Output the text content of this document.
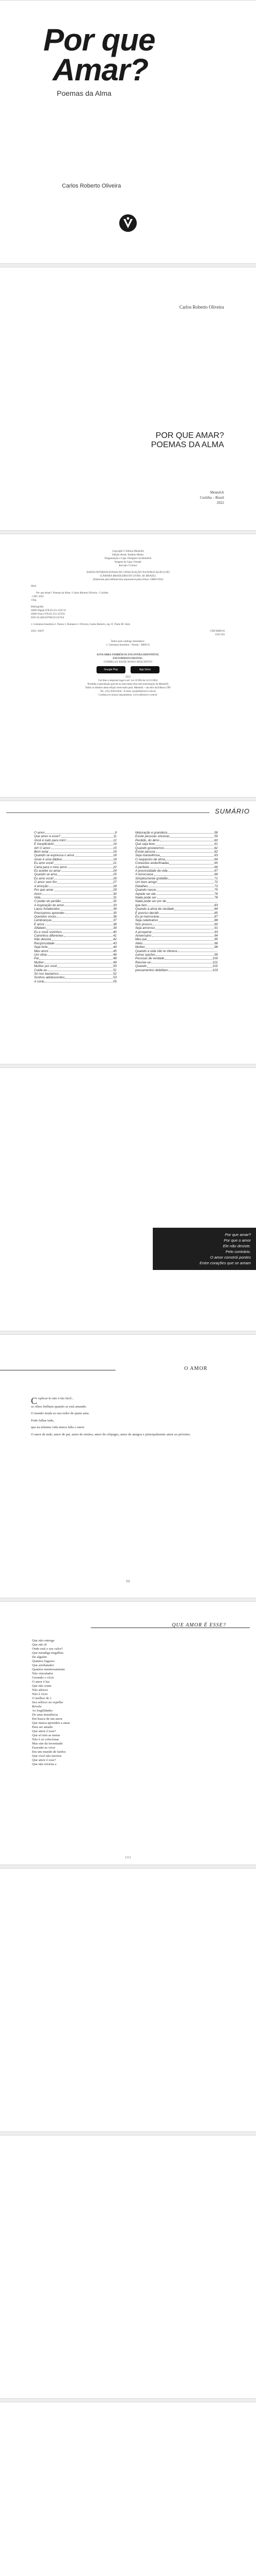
Por que
Amar?
Poemas da Alma
Carlos Roberto Oliveira
Carlos Roberto Oliveira
POR QUE AMAR?
POEMAS DA ALMA
MenteliA
Curitiba – Brasil
2022

Copyright © Editora MenteliA

Edição ebook: Kadimo Menez

Diagramação e Capa: Designers da MenteliA

Imagem da Capa: Freepik

Revisão: O Autor

DADOS INTERNACIONAIS DE CATALOGAÇÃO NA PUBLICAÇÃO (CIP)

(CÂMARA BRASILEIRA DO LIVRO, SP, BRASIL)

(Elaborado pela bibliotecária responsável pelas fichas: CRB9/1504)

P832

Por que Amar?: Poemas da Alma / Carlos Roberto Oliveira – Curitiba

- CRV, 2022

156p.

Bibliografia

ISBN Digital 978-65-251-3567-8

ISBN Físico 978-65-251-3570-8

DOI 10.24824/978652513570.8

1. Literatura brasileira 2. Poesia 3. Romance I. Oliveira, Carlos Roberto, org. II. Título III. Série

2022- 26037	CDD B869.91
CDU 821

Índice para catálogo sistemático:

1. Literatura brasileira – Poesia – B869.91

ESTA OBRA TAMBÉM SE ENCONTRA DISPONÍVEL

EM FORMATO DIGITAL.

CONHEÇA E BAIXE NOSSO APLICATIVO!

Google Play	App Store

2022

Foi feito o depósito legal conf. Lei 10.994 de 14/12/2004

Proibida a reprodução parcial ou total desta obra sem autorização da MenteliA

Todos os direitos desta edição reservados pela: Menteliá – um selo da Editora CRV

Tel.: (41) 3039-6418 - E-mail: sac@editoracrv.com.br

Conheça os nossos lançamentos: www.editoracrv.com.br

SUMÁRIO
O amor	9
Que amor é esse?	11
Você é tudo para mim!	12
É inexplicável	14
Ah! O amor	15
Bem estar	16
Quando se expressa o amor	18
Amar é uma dádiva	19
Eu amo você!	21
Carta para o meu amor	22
Eu aceitei ou amar	24
Quando se ama	25
Eu amo você!	26
O amor vem fim	27
A emoção	28
Por que amar	29
Amor	30
Vida	31
O poder do perdão	32
A inspiração do amor	33
Laços fortalecidos	34
Precisamos aprender	35
Queridos voces	36
Lembranças	37
É amor	38
Alfabeto	39
Eu e você sozinhos	40
Caminhos diferentes	41
Não desista	42
Reciprocidade	43
Seja forte	44
Meu amor	45
Um olhar	46
Pai	48
Mulher	49
Mulher por você	50
Cuide-se	51
Só nos bastamos	52
Sonhos adolescentes	53
A corte	55
Maturação e grandeza	58
Existe pessoas sinceras	59
Perdido, do álmo	60
Que seja leve	61
Quando gostaremos	62
Existe pessoa	62
Seja maravilhosa	63
O sequestro de alma	64
Conexões endorfinadas	65
A perfeita	66
A preciosidade da vida	67
À burocracia	68
Simplesmente gratidão	71
Um bom amigo	72
Detalhes	73
Quando nasce	75
Aquele ser ele	76
Nada pode ser	78
Nada pode ser por de
que tem	83
Quando à alma de verdade	84
É preciso decidir	85
Eu já memorável	87
Seja celebrativo	88
Nós poucos	90
Seja amoroso	91
A prosperar	93
Aniversário	94
Meu pai	95
Afeto	96
Mulher	98
Quando a vida não te oferece
outras opções	99
Pessoas de verdade	100
Renove-se	101
Quando	102
pensamentos debilitam	103

Por que amar?

Por que o amor

Ele não desiste.

Pelo contrário.

O amor constrói pontes

Entre corações que se amam

O AMOR

Coplicar-lo não é tão fácil...

os olhos brilham quando se está amando.

O mundo muda ao seu redor de quem ama.

Pode falhar tudo,

que na mínima vida nunca falta o amor.

O amor de tudo, amor de pai, amor de irmãos, amor de cônjuges, amor de amigos e principalmente amor ao próximo.

[9]
QUE AMOR É ESSE?
Que não entrega
Que não tê
Onde está o seu valor?
Que mendiga migalhas
De alguém
Quantos fugazes
Que arrebatador
Quantos mentrosamente
Não vinculador
Gerando o vício
O amor é luz
Que não some
Não adoece
Não é vício
O melhor do 1
Seu reflexo no espelho
Revela
As fragilidades
De uma insistência
Em busca de um amor
Que nunca aprendeu a amar
Para ser amado
Que amor é esse?
Que só tem as meias
Não é só colecionar
Mas sim da inventiade
Fazendo-se viver
Em um mundo de fardos
Que você não morreu
Que amor é esse?
Que não retorna a
[11]
